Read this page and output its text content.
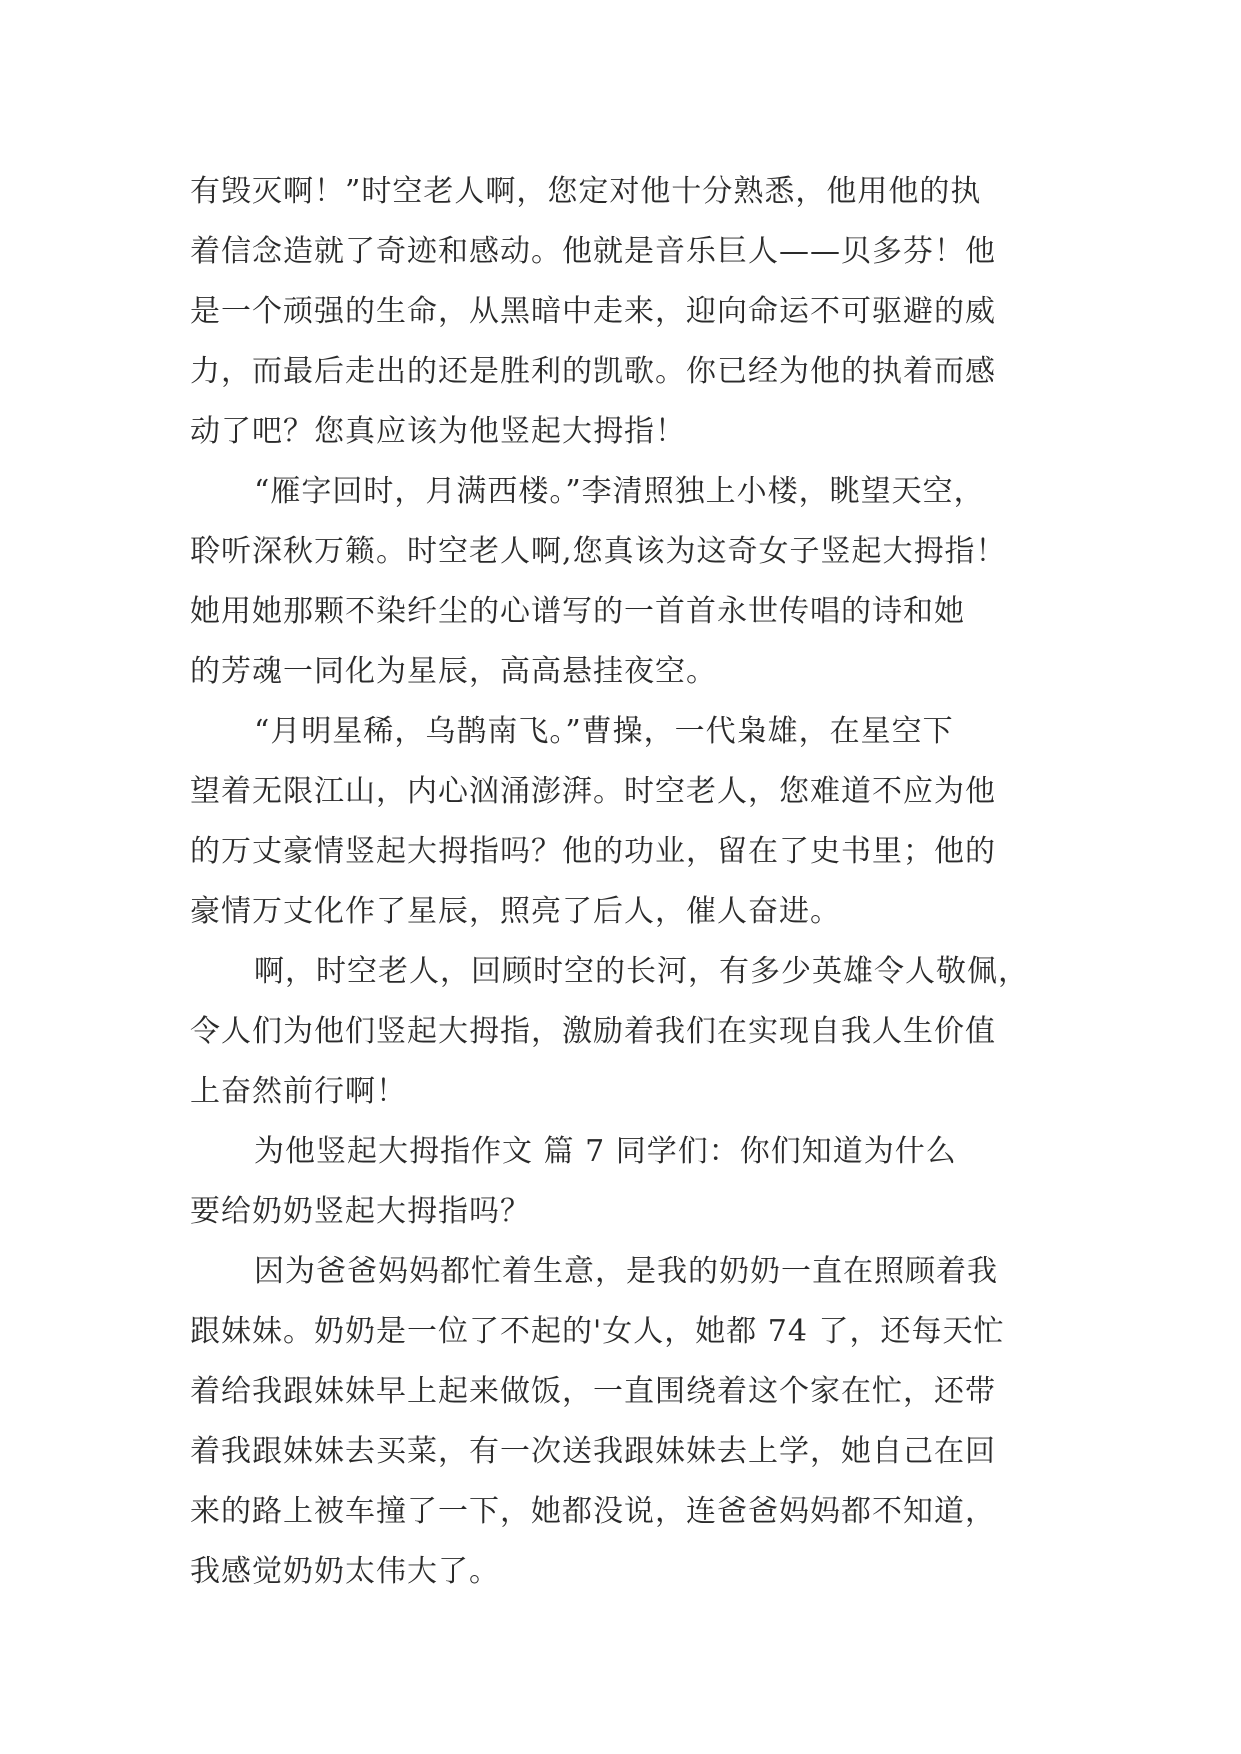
有毁灭啊！”时空老人啊，您定对他十分熟悉，他用他的执
着信念造就了奇迹和感动。他就是音乐巨人——贝多芬！他
是一个顽强的生命，从黑暗中走来，迎向命运不可驱避的威
力，而最后走出的还是胜利的凯歌。你已经为他的执着而感
动了吧？您真应该为他竖起大拇指！
“雁字回时，月满西楼。”李清照独上小楼，眺望天空，
聆听深秋万籁。时空老人啊,您真该为这奇女子竖起大拇指！
她用她那颗不染纤尘的心谱写的一首首永世传唱的诗和她
的芳魂一同化为星辰，高高悬挂夜空。
“月明星稀，乌鹊南飞。”曹操，一代枭雄，在星空下
望着无限江山，内心汹涌澎湃。时空老人，您难道不应为他
的万丈豪情竖起大拇指吗？他的功业，留在了史书里；他的
豪情万丈化作了星辰，照亮了后人，催人奋进。
啊，时空老人，回顾时空的长河，有多少英雄令人敬佩，
令人们为他们竖起大拇指，激励着我们在实现自我人生价值
上奋然前行啊！
为他竖起大拇指作文 篇 7 同学们：你们知道为什么
要给奶奶竖起大拇指吗？
因为爸爸妈妈都忙着生意，是我的奶奶一直在照顾着我
跟妹妹。奶奶是一位了不起的'女人，她都 74 了，还每天忙
着给我跟妹妹早上起来做饭，一直围绕着这个家在忙，还带
着我跟妹妹去买菜，有一次送我跟妹妹去上学，她自己在回
来的路上被车撞了一下，她都没说，连爸爸妈妈都不知道，
我感觉奶奶太伟大了。
